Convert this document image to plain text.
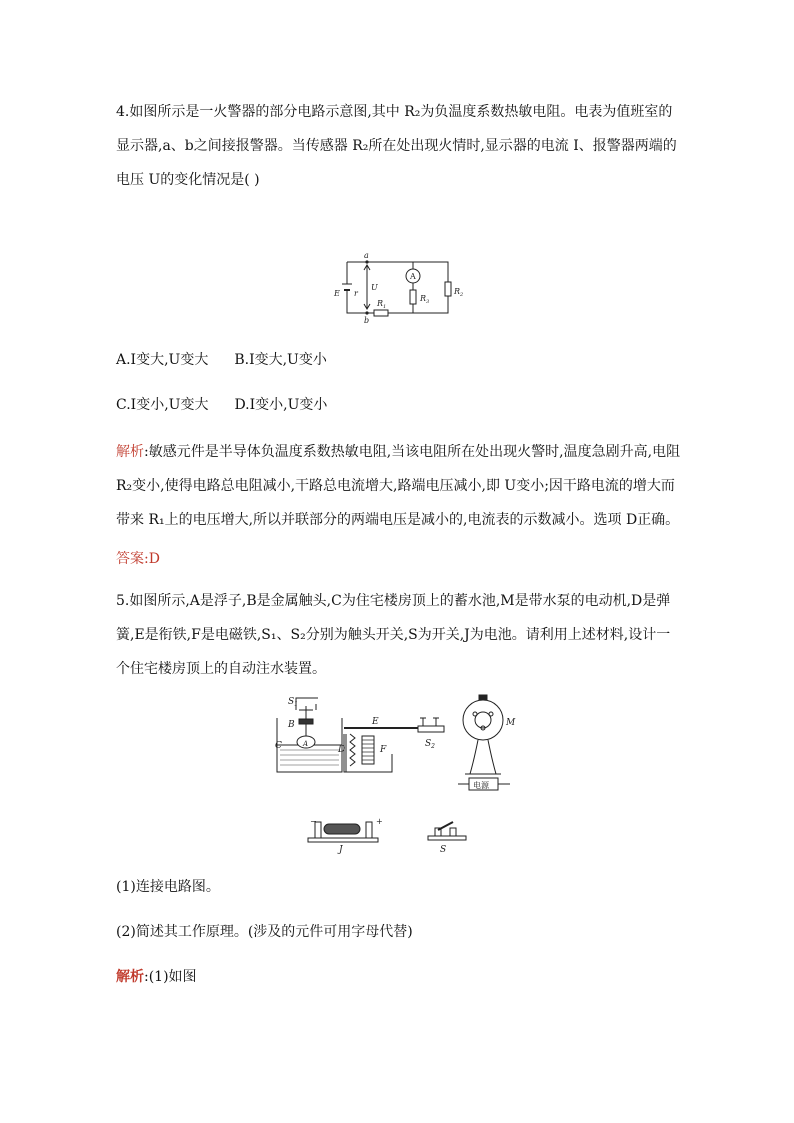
4.如图所示是一火警器的部分电路示意图,其中 R₂为负温度系数热敏电阻。电表为值班室的显示器,a、b之间接报警器。当传感器 R₂所在处出现火情时,显示器的电流 I、报警器两端的电压 U的变化情况是( )

a
b
E r
U
A
$R_1$
$R_3$
$R_2$
A.I变大,U变大 B.I变大,U变小
C.I变小,U变大 D.I变小,U变小
解析:敏感元件是半导体负温度系数热敏电阻,当该电阻所在处出现火警时,温度急剧升高,电阻 R₂变小,使得电路总电阻减小,干路总电流增大,路端电压减小,即 U变小;因干路电流的增大而带来 R₁上的电压增大,所以并联部分的两端电压是减小的,电流表的示数减小。选项 D正确。
答案:D

5.如图所示,A是浮子,B是金属触头,C为住宅楼房顶上的蓄水池,M是带水泵的电动机,D是弹簧,E是衔铁,F是电磁铁,S₁、S₂分别为触头开关,S为开关,J为电池。请利用上述材料,设计一个住宅楼房顶上的自动注水装置。

$S_1$
B
C	A
E
D	F
$S_2$
M
电源
−	+
J	S
(1)连接电路图。
(2)简述其工作原理。(涉及的元件可用字母代替)
解析:(1)如图
